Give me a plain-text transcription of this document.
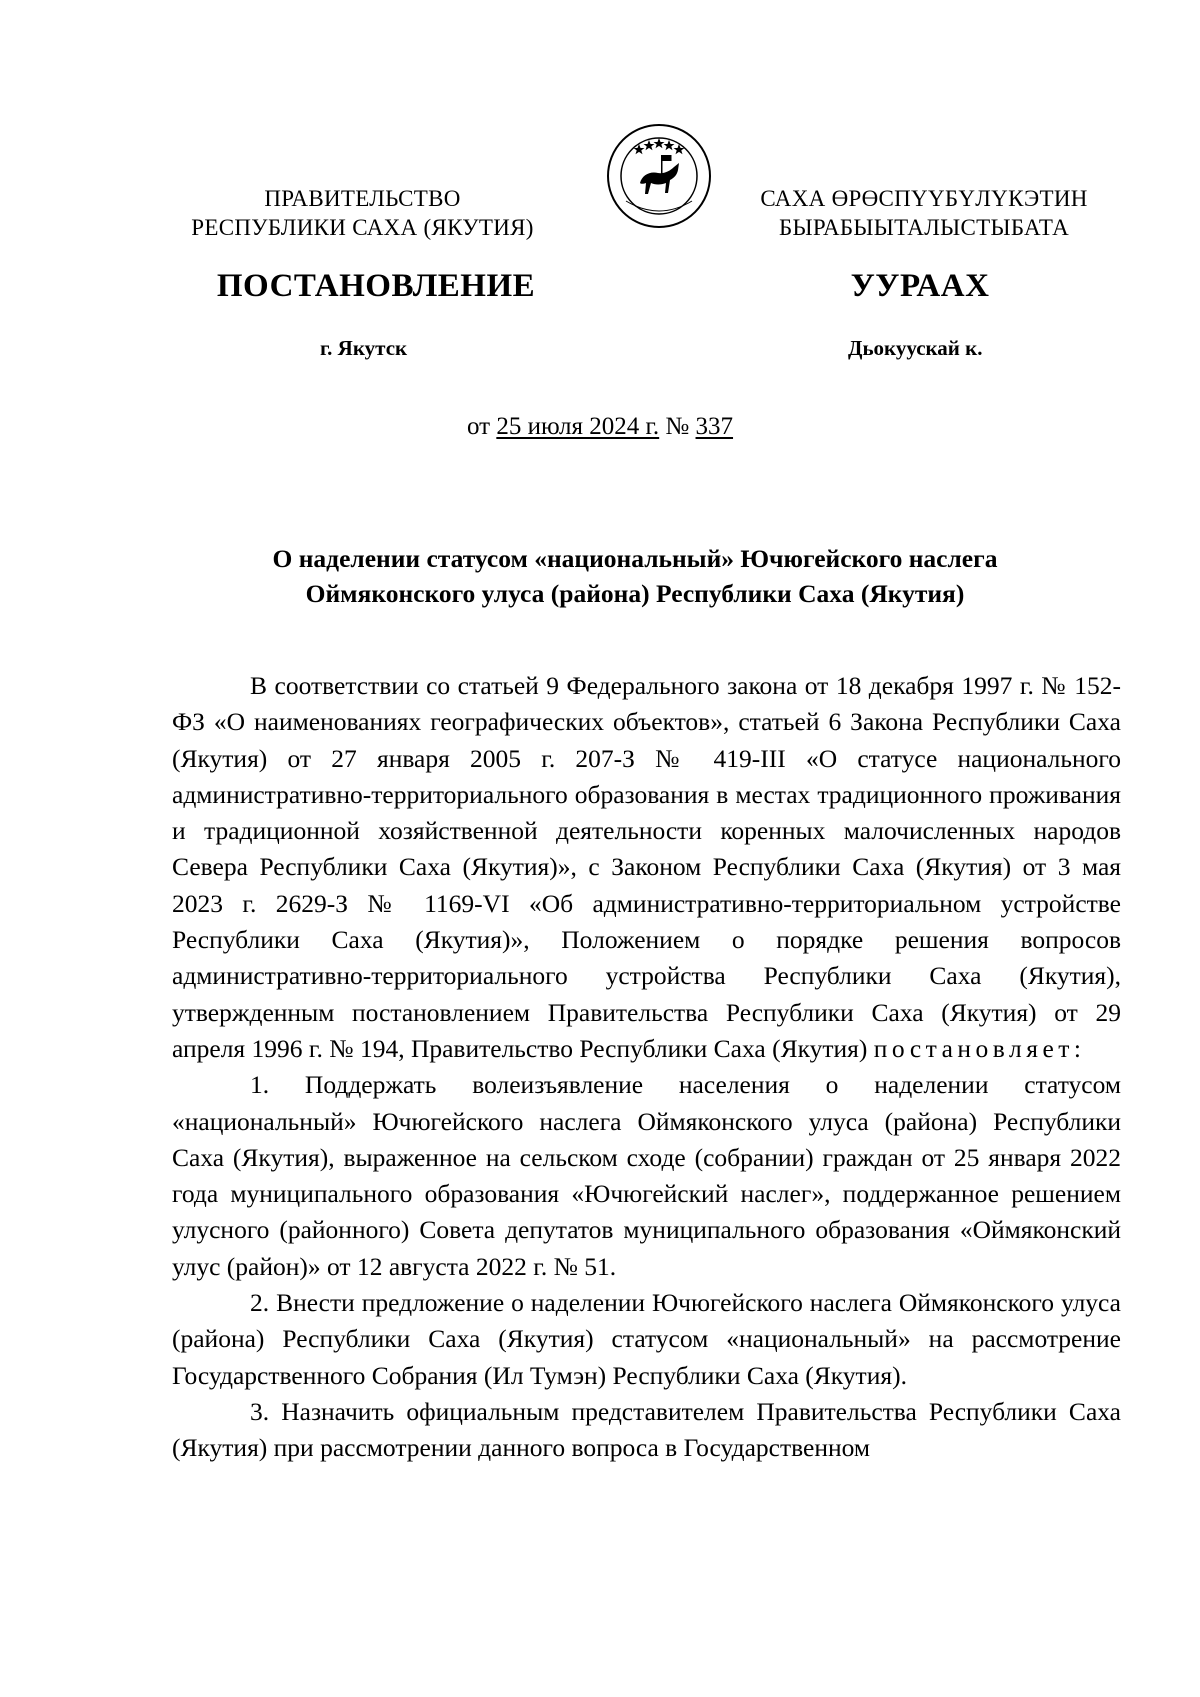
ПРАВИТЕЛЬСТВО
РЕСПУБЛИКИ САХА (ЯКУТИЯ)
САХА ӨРӨСПҮҮБҮЛҮКЭТИН
БЫРАБЫЫТАЛЫСТЫБАТА
ПОСТАНОВЛЕНИЕ	УУРААХ
г. Якутск	Дьокуускай к.
от 25 июля 2024 г. № 337
О наделении статусом «национальный» Ючюгейского наслега
Оймяконского улуса (района) Республики Саха (Якутия)

В соответствии со статьей 9 Федерального закона от 18 декабря 1997 г. № 152-ФЗ «О наименованиях географических объектов», статьей 6 Закона Республики Саха (Якутия) от 27 января 2005 г. 207-З № 419-III «О статусе национального административно-территориального образования в местах традиционного проживания и традиционной хозяйственной деятельности коренных малочисленных народов Севера Республики Саха (Якутия)», с Законом Республики Саха (Якутия) от 3 мая 2023 г. 2629-З № 1169-VI «Об административно-территориальном устройстве Республики Саха (Якутия)», Положением о порядке решения вопросов административно-территориального устройства Республики Саха (Якутия), утвержденным постановлением Правительства Республики Саха (Якутия) от 29 апреля 1996 г. № 194, Правительство Республики Саха (Якутия) постановляет:

1. Поддержать волеизъявление населения о наделении статусом «национальный» Ючюгейского наслега Оймяконского улуса (района) Республики Саха (Якутия), выраженное на сельском сходе (собрании) граждан от 25 января 2022 года муниципального образования «Ючюгейский наслег», поддержанное решением улусного (районного) Совета депутатов муниципального образования «Оймяконский улус (район)» от 12 августа 2022 г. № 51.

2. Внести предложение о наделении Ючюгейского наслега Оймяконского улуса (района) Республики Саха (Якутия) статусом «национальный» на рассмотрение Государственного Собрания (Ил Тумэн) Республики Саха (Якутия).

3. Назначить официальным представителем Правительства Республики Саха (Якутия) при рассмотрении данного вопроса в Государственном
